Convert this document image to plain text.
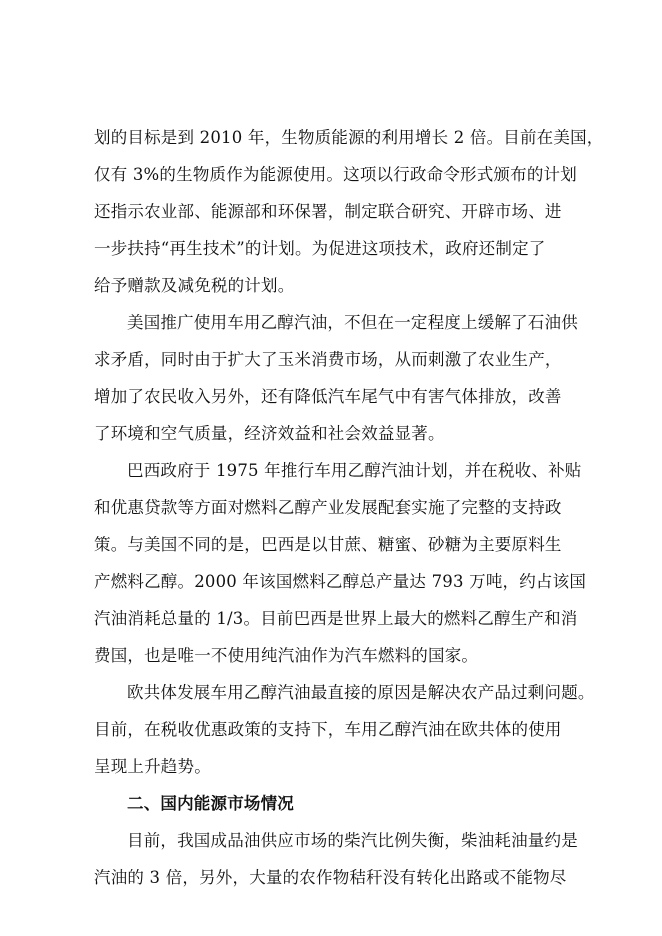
划的目标是到 2010 年，生物质能源的利用增长 2 倍。目前在美国，
仅有 3%的生物质作为能源使用。这项以行政命令形式颁布的计划
还指示农业部、能源部和环保署，制定联合研究、开辟市场、进
一步扶持“再生技术”的计划。为促进这项技术，政府还制定了
给予赠款及减免税的计划。
美国推广使用车用乙醇汽油，不但在一定程度上缓解了石油供
求矛盾，同时由于扩大了玉米消费市场，从而刺激了农业生产，
增加了农民收入另外，还有降低汽车尾气中有害气体排放，改善
了环境和空气质量，经济效益和社会效益显著。
巴西政府于 1975 年推行车用乙醇汽油计划，并在税收、补贴
和优惠贷款等方面对燃料乙醇产业发展配套实施了完整的支持政
策。与美国不同的是，巴西是以甘蔗、糖蜜、砂糖为主要原料生
产燃料乙醇。2000 年该国燃料乙醇总产量达 793 万吨，约占该国
汽油消耗总量的 1/3。目前巴西是世界上最大的燃料乙醇生产和消
费国，也是唯一不使用纯汽油作为汽车燃料的国家。
欧共体发展车用乙醇汽油最直接的原因是解决农产品过剩问题。
目前，在税收优惠政策的支持下，车用乙醇汽油在欧共体的使用
呈现上升趋势。
二、国内能源市场情况
目前，我国成品油供应市场的柴汽比例失衡，柴油耗油量约是
汽油的 3 倍，另外，大量的农作物秸秆没有转化出路或不能物尽
